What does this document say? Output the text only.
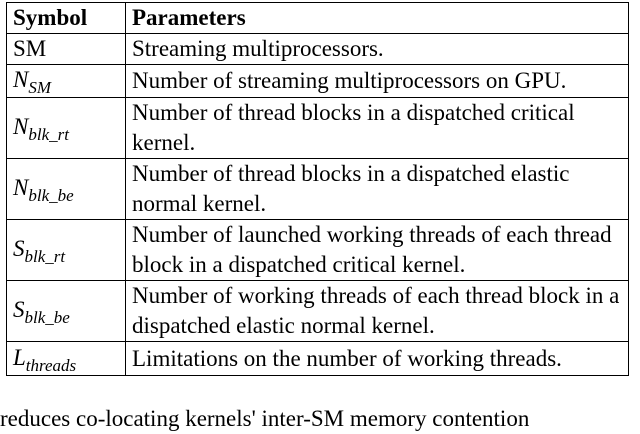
Symbol	Parameters
SM	Streaming multiprocessors.
$N_{SM}$	Number of streaming multiprocessors on GPU.
$N_{blk\_rt}$	Number of thread blocks in a dispatched critical kernel.
$N_{blk\_be}$	Number of thread blocks in a dispatched elastic normal kernel.
$S_{blk\_rt}$	Number of launched working threads of each thread block in a dispatched critical kernel.
$S_{blk\_be}$	Number of working threads of each thread block in a dispatched elastic normal kernel.
$L_{threads}$	Limitations on the number of working threads.
reduces co-locating kernels' inter-SM memory contention
